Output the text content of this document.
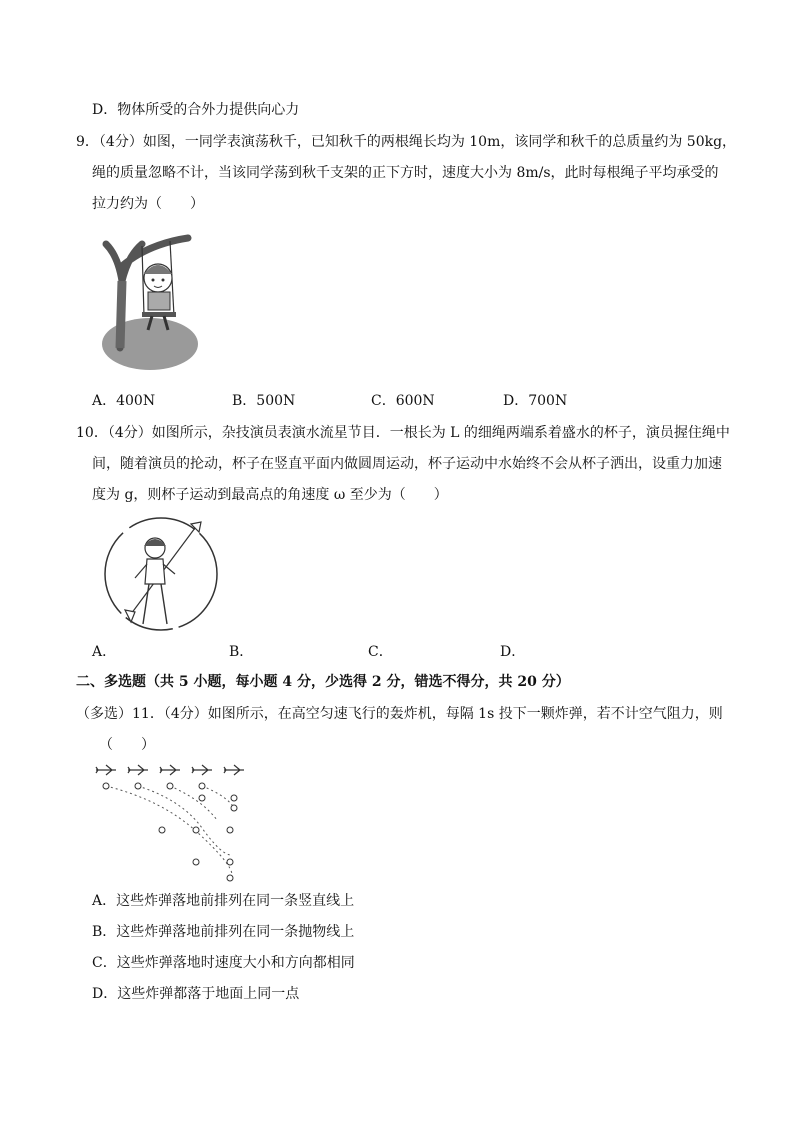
D．物体所受的合外力提供向心力
9．（4分）如图，一同学表演荡秋千，已知秋千的两根绳长均为 10m，该同学和秋千的总质量约为 50kg，
绳的质量忽略不计，当该同学荡到秋千支架的正下方时，速度大小为 8m/s，此时每根绳子平均承受的
拉力约为（　　）
A．400N	B．500N	C．600N	D．700N
10．（4分）如图所示，杂技演员表演水流星节目．一根长为 L 的细绳两端系着盛水的杯子，演员握住绳中
间，随着演员的抡动，杯子在竖直平面内做圆周运动，杯子运动中水始终不会从杯子洒出，设重力加速
度为 g，则杯子运动到最高点的角速度 ω 至少为（　　）
A．	B．	C．	D．
二、多选题（共 5 小题，每小题 4 分，少选得 2 分，错选不得分，共 20 分）
（多选）11．（4分）如图所示，在高空匀速飞行的轰炸机，每隔 1s 投下一颗炸弹，若不计空气阻力，则
（　　）
A．这些炸弹落地前排列在同一条竖直线上
B．这些炸弹落地前排列在同一条抛物线上
C．这些炸弹落地时速度大小和方向都相同
D．这些炸弹都落于地面上同一点
